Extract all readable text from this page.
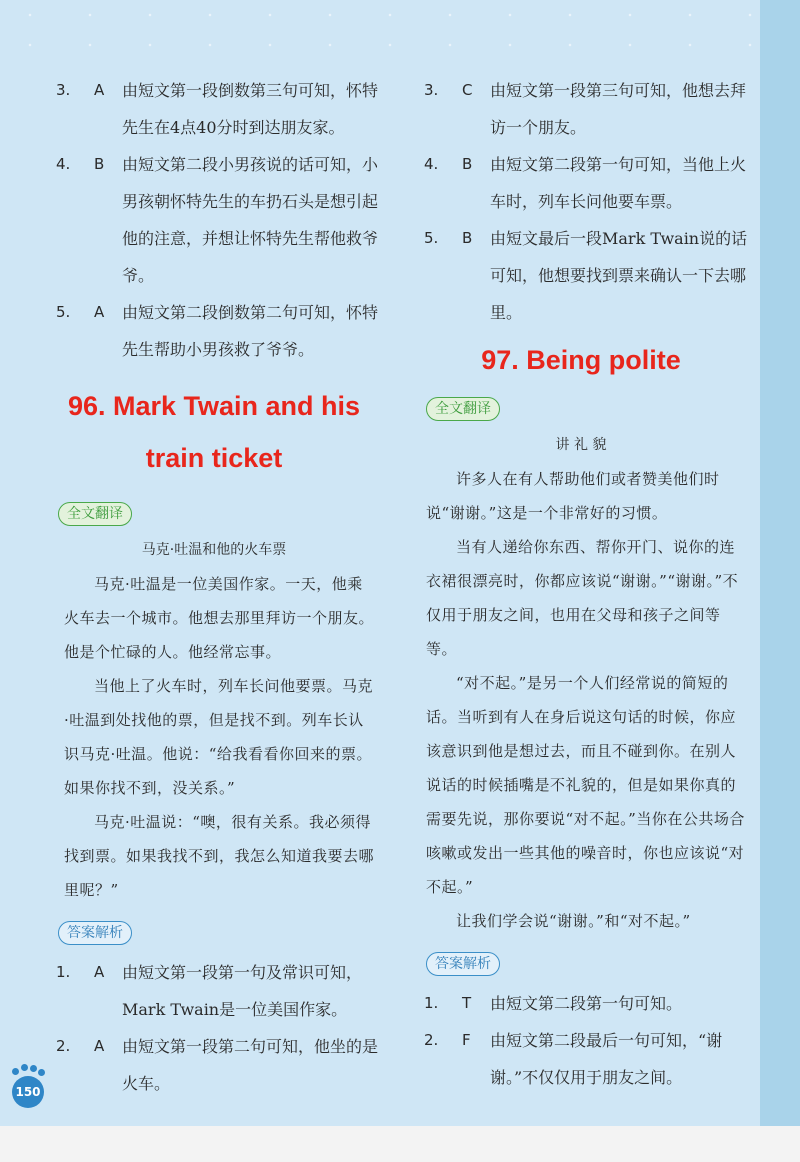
3.	A	由短文第一段倒数第三句可知，怀特先生在4点40分时到达朋友家。
4.	B	由短文第二段小男孩说的话可知，小男孩朝怀特先生的车扔石头是想引起他的注意，并想让怀特先生帮他救爷爷。
5.	A	由短文第二段倒数第二句可知，怀特先生帮助小男孩救了爷爷。
96. Mark Twain and his
train ticket
全文翻译
马克·吐温和他的火车票

马克·吐温是一位美国作家。一天，他乘火车去一个城市。他想去那里拜访一个朋友。他是个忙碌的人。他经常忘事。

当他上了火车时，列车长问他要票。马克·吐温到处找他的票，但是找不到。列车长认识马克·吐温。他说：“给我看看你回来的票。如果你找不到，没关系。”

马克·吐温说：“噢，很有关系。我必须得找到票。如果我找不到，我怎么知道我要去哪里呢？”

答案解析
1.	A	由短文第一段第一句及常识可知，Mark Twain是一位美国作家。
2.	A	由短文第一段第二句可知，他坐的是火车。
3.	C	由短文第一段第三句可知，他想去拜访一个朋友。
4.	B	由短文第二段第一句可知，当他上火车时，列车长问他要车票。
5.	B	由短文最后一段Mark Twain说的话可知，他想要找到票来确认一下去哪里。
97. Being polite
全文翻译
讲 礼 貌

许多人在有人帮助他们或者赞美他们时说“谢谢。”这是一个非常好的习惯。

当有人递给你东西、帮你开门、说你的连衣裙很漂亮时，你都应该说“谢谢。”“谢谢。”不仅用于朋友之间，也用在父母和孩子之间等等。

“对不起。”是另一个人们经常说的简短的话。当听到有人在身后说这句话的时候，你应该意识到他是想过去，而且不碰到你。在别人说话的时候插嘴是不礼貌的，但是如果你真的需要先说，那你要说“对不起。”当你在公共场合咳嗽或发出一些其他的噪音时，你也应该说“对不起。”

让我们学会说“谢谢。”和“对不起。”

答案解析
1.	T	由短文第二段第一句可知。
2.	F	由短文第二段最后一句可知，“谢谢。”不仅仅用于朋友之间。
150
